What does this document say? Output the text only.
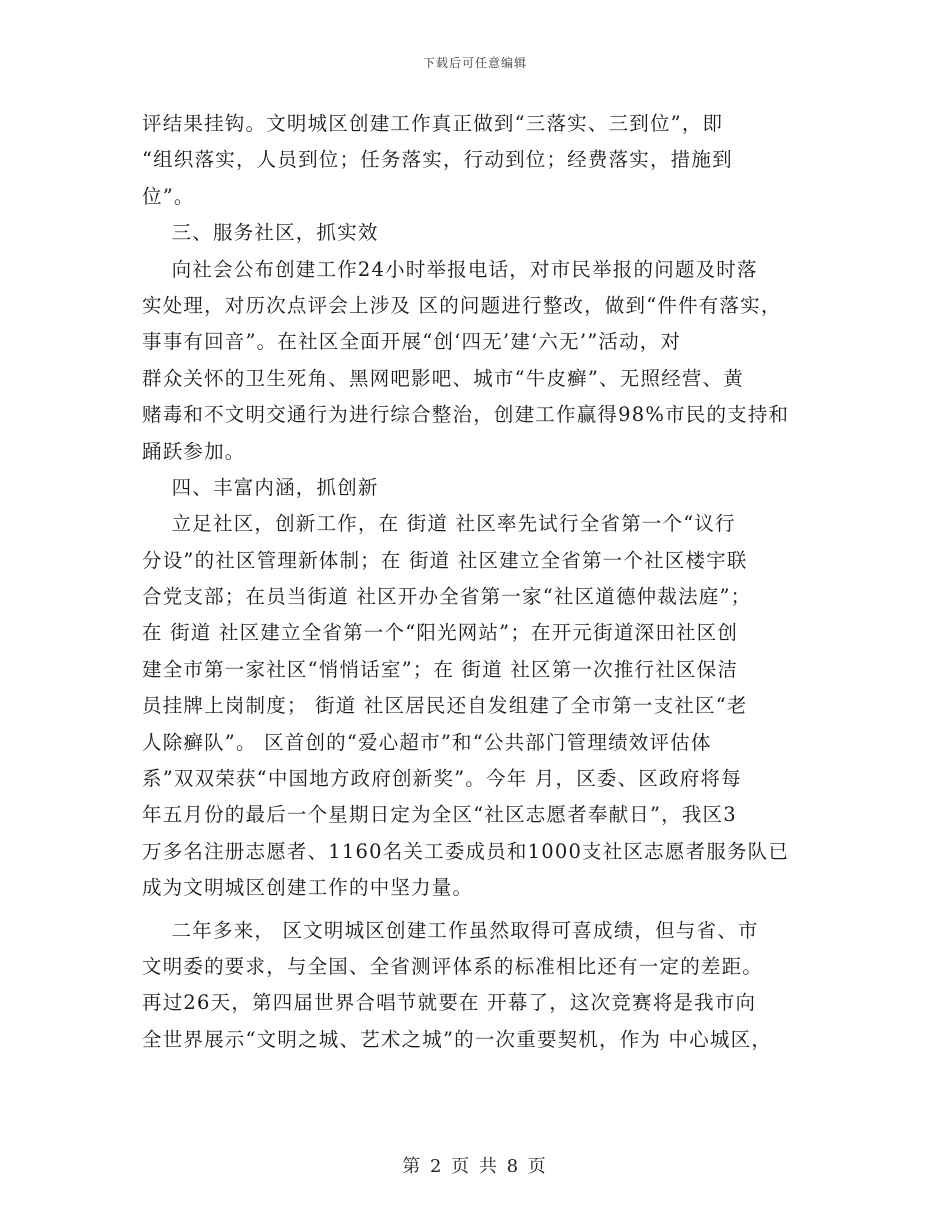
下载后可任意编辑
评结果挂钩。文明城区创建工作真正做到“三落实、三到位”，即
“组织落实，人员到位；任务落实，行动到位；经费落实，措施到
位”。
三、服务社区，抓实效
向社会公布创建工作24小时举报电话，对市民举报的问题及时落
实处理，对历次点评会上涉及 区的问题进行整改，做到“件件有落实，
事事有回音”。在社区全面开展“创‘四无’建‘六无’”活动，对
群众关怀的卫生死角、黑网吧影吧、城市“牛皮癣”、无照经营、黄
赌毒和不文明交通行为进行综合整治，创建工作赢得98%市民的支持和
踊跃参加。
四、丰富内涵，抓创新
立足社区，创新工作，在 街道 社区率先试行全省第一个“议行
分设”的社区管理新体制；在 街道 社区建立全省第一个社区楼宇联
合党支部；在员当街道 社区开办全省第一家“社区道德仲裁法庭”；
在 街道 社区建立全省第一个“阳光网站”；在开元街道深田社区创
建全市第一家社区“悄悄话室”；在 街道 社区第一次推行社区保洁
员挂牌上岗制度； 街道 社区居民还自发组建了全市第一支社区“老
人除癣队”。 区首创的“爱心超市”和“公共部门管理绩效评估体
系”双双荣获“中国地方政府创新奖”。今年 月，区委、区政府将每
年五月份的最后一个星期日定为全区“社区志愿者奉献日”，我区3
万多名注册志愿者、1160名关工委成员和1000支社区志愿者服务队已
成为文明城区创建工作的中坚力量。
二年多来， 区文明城区创建工作虽然取得可喜成绩，但与省、市
文明委的要求，与全国、全省测评体系的标准相比还有一定的差距。
再过26天，第四届世界合唱节就要在 开幕了，这次竞赛将是我市向
全世界展示“文明之城、艺术之城”的一次重要契机，作为 中心城区，
第 2 页 共 8 页
